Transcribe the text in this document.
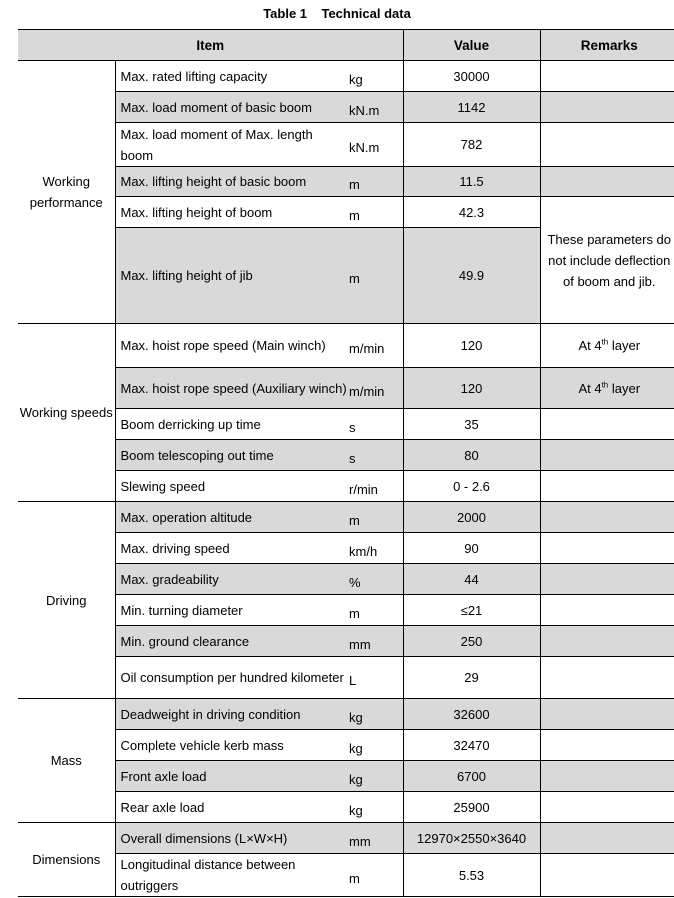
Table 1    Technical data
Item			Value	Remarks
Working performance	Max. rated lifting capacity	kg	30000	
	Max. load moment of basic boom	kN.m	1142	
	Max. load moment of Max. length boom	kN.m	782	
	Max. lifting height of basic boom	m	11.5	
	Max. lifting height of boom	m	42.3	These parameters do not include deflection of boom and jib.
	Max. lifting height of jib	m	49.9	
Working speeds	Max. hoist rope speed (Main winch)	m/min	120	At 4th layer
	Max. hoist rope speed (Auxiliary winch)	m/min	120	At 4th layer
	Boom derricking up time	s	35	
	Boom telescoping out time	s	80	
	Slewing speed	r/min	0 - 2.6	
Driving	Max. operation altitude	m	2000	
	Max. driving speed	km/h	90	
	Max. gradeability	%	44	
	Min. turning diameter	m	≤21	
	Min. ground clearance	mm	250	
	Oil consumption per hundred kilometer	L	29	
Mass	Deadweight in driving condition	kg	32600	
	Complete vehicle kerb mass	kg	32470	
	Front axle load	kg	6700	
	Rear axle load	kg	25900	
Dimensions	Overall dimensions (L×W×H)	mm	12970×2550×3640	
	Longitudinal distance between outriggers	m	5.53	
